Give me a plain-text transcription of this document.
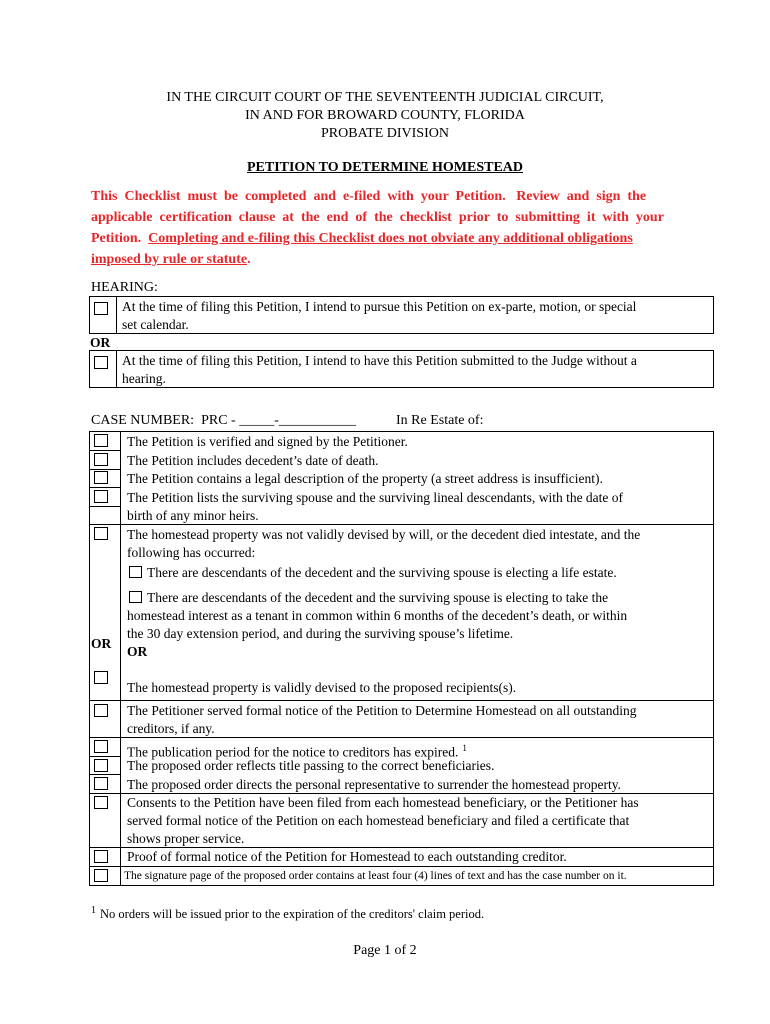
IN THE CIRCUIT COURT OF THE SEVENTEENTH JUDICIAL CIRCUIT,
IN AND FOR BROWARD COUNTY, FLORIDA
PROBATE DIVISION
PETITION TO DETERMINE HOMESTEAD
This  Checklist  must  be  completed  and  e-filed  with  your  Petition.   Review  and  sign  the
applicable  certification  clause  at  the  end  of  the  checklist  prior  to  submitting  it  with  your
Petition.  Completing and e-filing this Checklist does not obviate any additional obligations
imposed by rule or statute.
HEARING:
At the time of filing this Petition, I intend to pursue this Petition on ex-parte, motion, or special
set calendar.
OR
At the time of filing this Petition, I intend to have this Petition submitted to the Judge without a
hearing.
CASE NUMBER:  PRC - _____-___________	In Re Estate of:
The Petition is verified and signed by the Petitioner.
The Petition includes decedent’s date of death.
The Petition contains a legal description of the property (a street address is insufficient).
The Petition lists the surviving spouse and the surviving lineal descendants, with the date of
birth of any minor heirs.
The homestead property was not validly devised by will, or the decedent died intestate, and the
following has occurred:
There are descendants of the decedent and the surviving spouse is electing a life estate.
There are descendants of the decedent and the surviving spouse is electing to take the
homestead interest as a tenant in common within 6 months of the decedent’s death, or within
the 30 day extension period, and during the surviving spouse’s lifetime.
OR
OR
The homestead property is validly devised to the proposed recipients(s).
The Petitioner served formal notice of the Petition to Determine Homestead on all outstanding
creditors, if any.
The publication period for the notice to creditors has expired. $^1$
The proposed order reflects title passing to the correct beneficiaries.
The proposed order directs the personal representative to surrender the homestead property.
Consents to the Petition have been filed from each homestead beneficiary, or the Petitioner has
served formal notice of the Petition on each homestead beneficiary and filed a certificate that
shows proper service.
Proof of formal notice of the Petition for Homestead to each outstanding creditor.
The signature page of the proposed order contains at least four (4) lines of text and has the case number on it.
$^1$ No orders will be issued prior to the expiration of the creditors' claim period.
Page 1 of 2
